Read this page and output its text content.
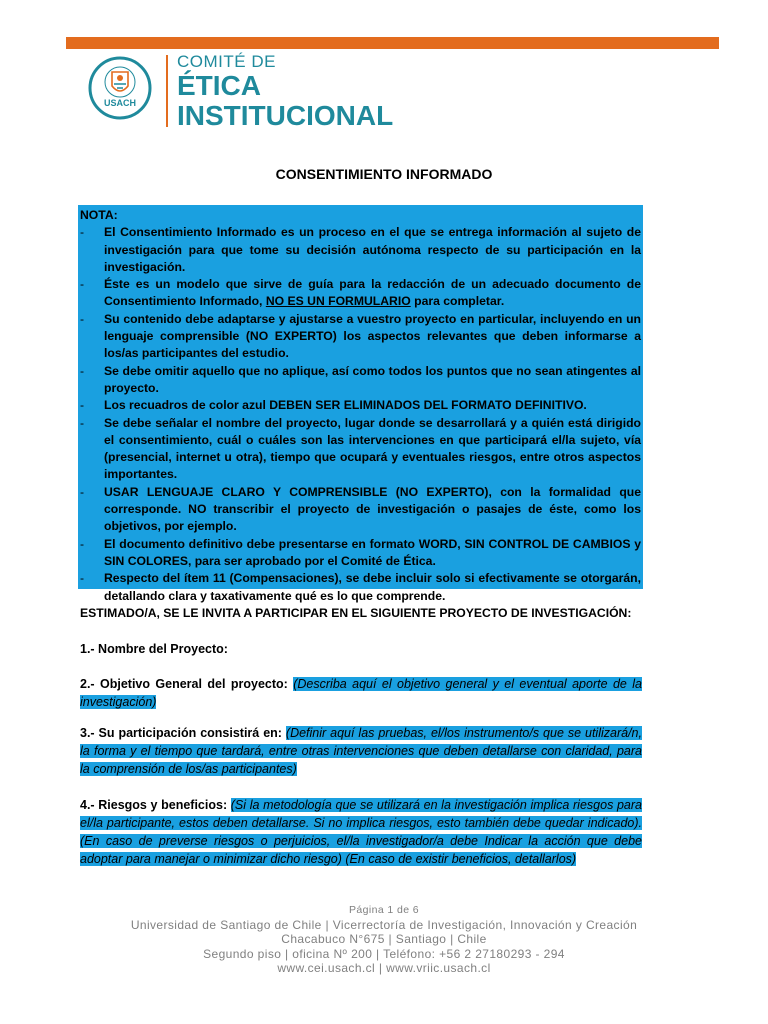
USACH
COMITÉ DE
ÉTICA
INSTITUCIONAL
CONSENTIMIENTO INFORMADO
NOTA:
- El Consentimiento Informado es un proceso en el que se entrega información al sujeto de investigación para que tome su decisión autónoma respecto de su participación en la investigación.
- Éste es un modelo que sirve de guía para la redacción de un adecuado documento de Consentimiento Informado, NO ES UN FORMULARIO para completar.
- Su contenido debe adaptarse y ajustarse a vuestro proyecto en particular, incluyendo en un lenguaje comprensible (NO EXPERTO) los aspectos relevantes que deben informarse a los/as participantes del estudio.
- Se debe omitir aquello que no aplique, así como todos los puntos que no sean atingentes al proyecto.
- Los recuadros de color azul DEBEN SER ELIMINADOS DEL FORMATO DEFINITIVO.
- Se debe señalar el nombre del proyecto, lugar donde se desarrollará y a quién está dirigido el consentimiento, cuál o cuáles son las intervenciones en que participará el/la sujeto, vía (presencial, internet u otra), tiempo que ocupará y eventuales riesgos, entre otros aspectos importantes.
- USAR LENGUAJE CLARO Y COMPRENSIBLE (NO EXPERTO), con la formalidad que corresponde. NO transcribir el proyecto de investigación o pasajes de éste, como los objetivos, por ejemplo.
- El documento definitivo debe presentarse en formato WORD, SIN CONTROL DE CAMBIOS y SIN COLORES, para ser aprobado por el Comité de Ética.
- Respecto del ítem 11 (Compensaciones), se debe incluir solo si efectivamente se otorgarán, detallando clara y taxativamente qué es lo que comprende.
ESTIMADO/A, SE LE INVITA A PARTICIPAR EN EL SIGUIENTE PROYECTO DE INVESTIGACIÓN:
1.- Nombre del Proyecto:
2.- Objetivo General del proyecto: (Describa aquí el objetivo general y el eventual aporte de la investigación)
3.- Su participación consistirá en: (Definir aquí las pruebas, el/los instrumento/s que se utilizará/n, la forma y el tiempo que tardará, entre otras intervenciones que deben detallarse con claridad, para la comprensión de los/as participantes)
4.- Riesgos y beneficios: (Si la metodología que se utilizará en la investigación implica riesgos para el/la participante, estos deben detallarse. Si no implica riesgos, esto también debe quedar indicado). (En caso de preverse riesgos o perjuicios, el/la investigador/a debe Indicar la acción que debe adoptar para manejar o minimizar dicho riesgo) (En caso de existir beneficios, detallarlos)
Página 1 de 6
Universidad de Santiago de Chile | Vicerrectoría de Investigación, Innovación y Creación
Chacabuco N°675 | Santiago | Chile
Segundo piso | oficina Nº 200 | Teléfono: +56 2 27180293 - 294
www.cei.usach.cl | www.vriic.usach.cl
